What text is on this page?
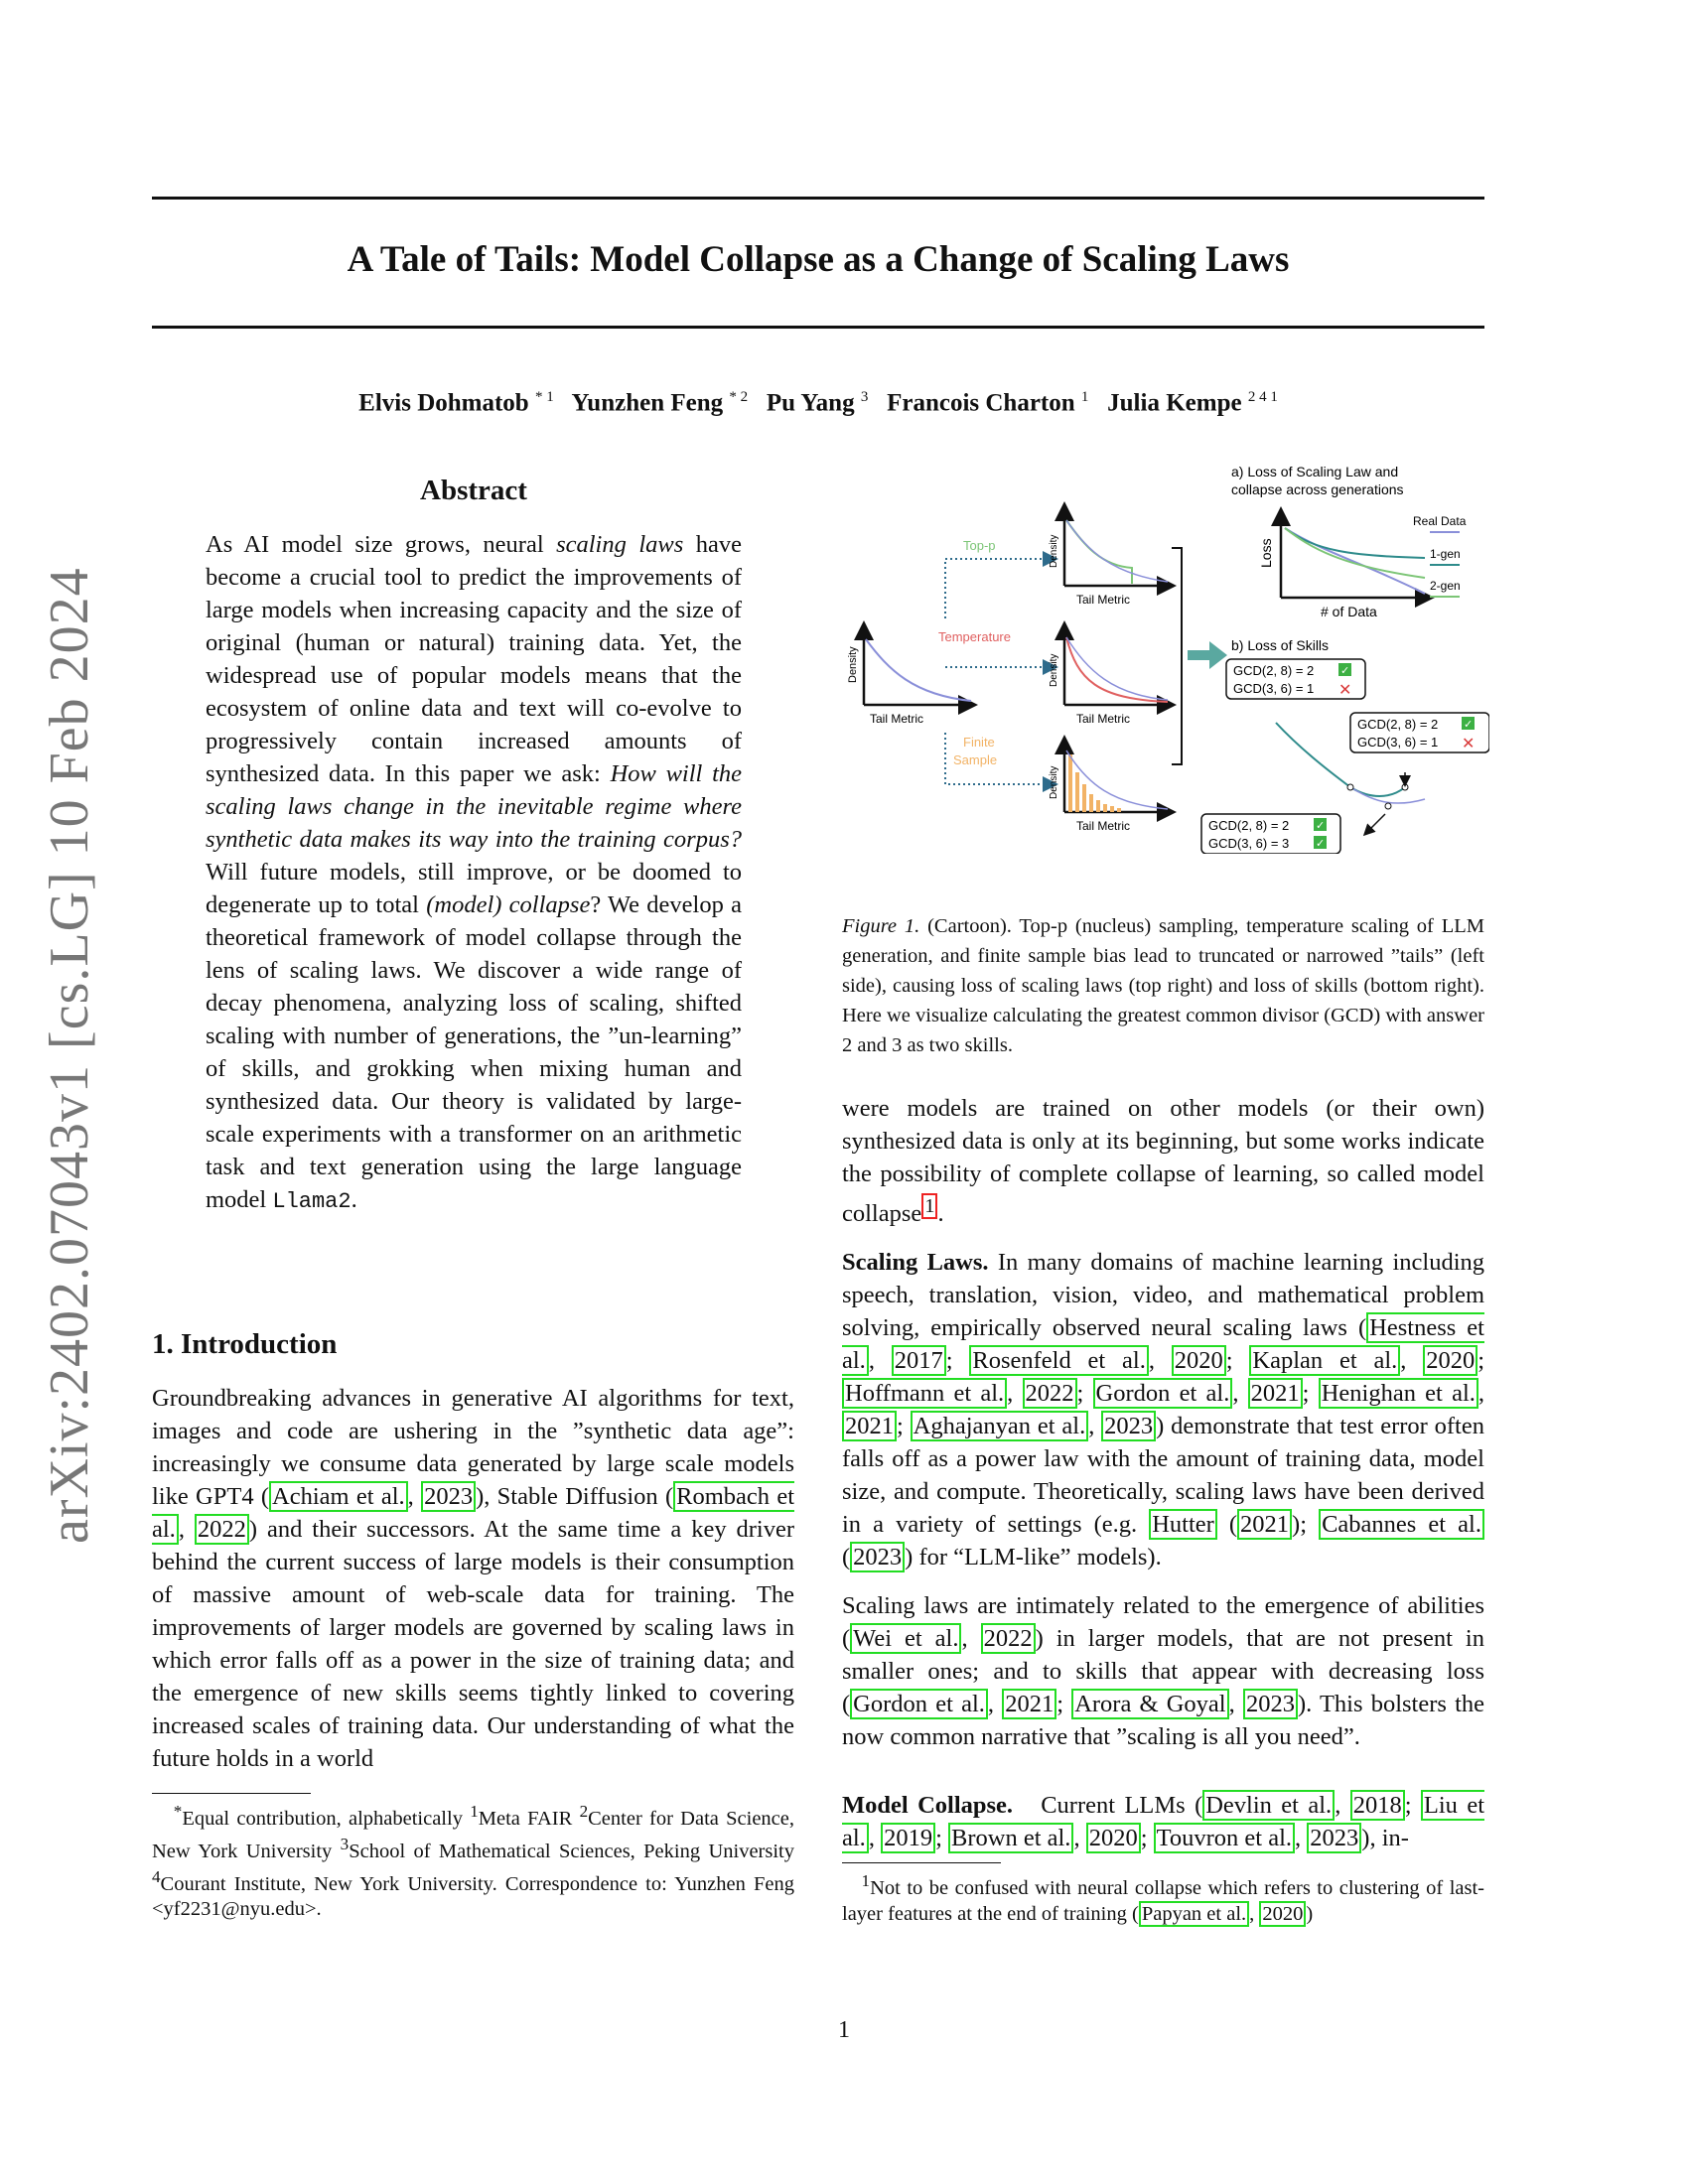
arXiv:2402.07043v1 [cs.LG] 10 Feb 2024
A Tale of Tails: Model Collapse as a Change of Scaling Laws
Elvis Dohmatob $^{* 1}$ Yunzhen Feng $^{* 2}$ Pu Yang $^3$ Francois Charton $^1$ Julia Kempe $^{2 4 1}$
Abstract

As AI model size grows, neural scaling laws have become a crucial tool to predict the improvements of large models when increasing capacity and the size of original (human or natural) training data. Yet, the widespread use of popular models means that the ecosystem of online data and text will co-evolve to progressively contain increased amounts of synthesized data. In this paper we ask: How will the scaling laws change in the inevitable regime where synthetic data makes its way into the training corpus? Will future models, still improve, or be doomed to degenerate up to total (model) collapse? We develop a theoretical framework of model collapse through the lens of scaling laws. We discover a wide range of decay phenomena, analyzing loss of scaling, shifted scaling with number of generations, the ”un-learning” of skills, and grokking when mixing human and synthesized data. Our theory is validated by large-scale experiments with a transformer on an arithmetic task and text generation using the large language model Llama2.

1. Introduction

Groundbreaking advances in generative AI algorithms for text, images and code are ushering in the ”synthetic data age”: increasingly we consume data generated by large scale models like GPT4 ( Achiam et al. , 2023 ), Stable Diffusion ( Rombach et al. , 2022 ) and their successors. At the same time a key driver behind the current success of large models is their consumption of massive amount of web-scale data for training. The improvements of larger models are governed by scaling laws in which error falls off as a power in the size of training data; and the emergence of new skills seems tightly linked to covering increased scales of training data. Our understanding of what the future holds in a world

*Equal contribution, alphabetically $^1$Meta FAIR $^2$Center for Data Science, New York University $^3$School of Mathematical Sciences, Peking University $^4$Courant Institute, New York University. Correspondence to: Yunzhen Feng <yf2231@nyu.edu>.

Density
Tail Metric
Top-p
Temperature
Finite
Sample
Density
Tail Metric
Density
Tail Metric
Density
Tail Metric
a) Loss of Scaling Law and
collapse across generations
Loss
# of Data
Real Data
1-gen
2-gen
b) Loss of Skills
GCD(2, 8) = 2
GCD(3, 6) = 1
✓
✕
GCD(2, 8) = 2
GCD(3, 6) = 1
✓
✕
GCD(2, 8) = 2
GCD(3, 6) = 3
✓
✓
Figure 1. (Cartoon). Top-p (nucleus) sampling, temperature scaling of LLM generation, and finite sample bias lead to truncated or narrowed ”tails” (left side), causing loss of scaling laws (top right) and loss of skills (bottom right). Here we visualize calculating the greatest common divisor (GCD) with answer 2 and 3 as two skills.

were models are trained on other models (or their own) synthesized data is only at its beginning, but some works indicate the possibility of complete collapse of learning, so called model collapse $^1$ .

Scaling Laws. In many domains of machine learning including speech, translation, vision, video, and mathematical problem solving, empirically observed neural scaling laws ( Hestness et al. , 2017 ; Rosenfeld et al. , 2020 ; Kaplan et al. , 2020 ; Hoffmann et al. , 2022 ; Gordon et al. , 2021 ; Henighan et al. , 2021 ; Aghajanyan et al. , 2023 ) demonstrate that test error often falls off as a power law with the amount of training data, model size, and compute. Theoretically, scaling laws have been derived in a variety of settings (e.g. Hutter ( 2021 ); Cabannes et al. ( 2023 ) for “LLM-like” models).

Scaling laws are intimately related to the emergence of abilities ( Wei et al. , 2022 ) in larger models, that are not present in smaller ones; and to skills that appear with decreasing loss ( Gordon et al. , 2021 ; Arora & Goyal , 2023 ). This bolsters the now common narrative that ”scaling is all you need”.

Model Collapse.   Current LLMs ( Devlin et al. , 2018 ; Liu et al. , 2019 ; Brown et al. , 2020 ; Touvron et al. , 2023 ), in-

$^1$Not to be confused with neural collapse which refers to clustering of last-layer features at the end of training ( Papyan et al. , 2020 )

1
